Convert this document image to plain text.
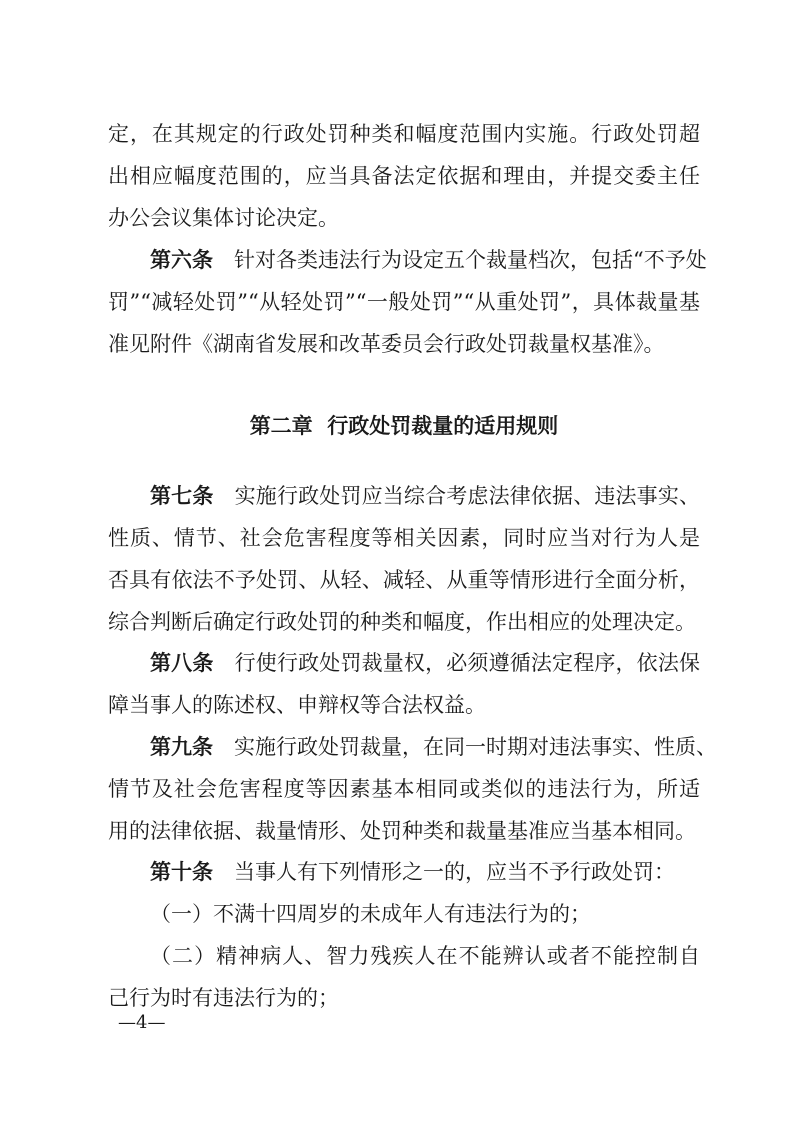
定，在其规定的行政处罚种类和幅度范围内实施。行政处罚超
出相应幅度范围的，应当具备法定依据和理由，并提交委主任
办公会议集体讨论决定。
第六条  针对各类违法行为设定五个裁量档次，包括“不予处
罚”“减轻处罚”“从轻处罚”“一般处罚”“从重处罚”，具体裁量基
准见附件《湖南省发展和改革委员会行政处罚裁量权基准》。
第二章  行政处罚裁量的适用规则
第七条  实施行政处罚应当综合考虑法律依据、违法事实、
性质、情节、社会危害程度等相关因素，同时应当对行为人是
否具有依法不予处罚、从轻、减轻、从重等情形进行全面分析，
综合判断后确定行政处罚的种类和幅度，作出相应的处理决定。
第八条  行使行政处罚裁量权，必须遵循法定程序，依法保
障当事人的陈述权、申辩权等合法权益。
第九条  实施行政处罚裁量，在同一时期对违法事实、性质、
情节及社会危害程度等因素基本相同或类似的违法行为，所适
用的法律依据、裁量情形、处罚种类和裁量基准应当基本相同。
第十条  当事人有下列情形之一的，应当不予行政处罚：
（一）不满十四周岁的未成年人有违法行为的；
（二）精神病人、智力残疾人在不能辨认或者不能控制自
己行为时有违法行为的；
—4—
